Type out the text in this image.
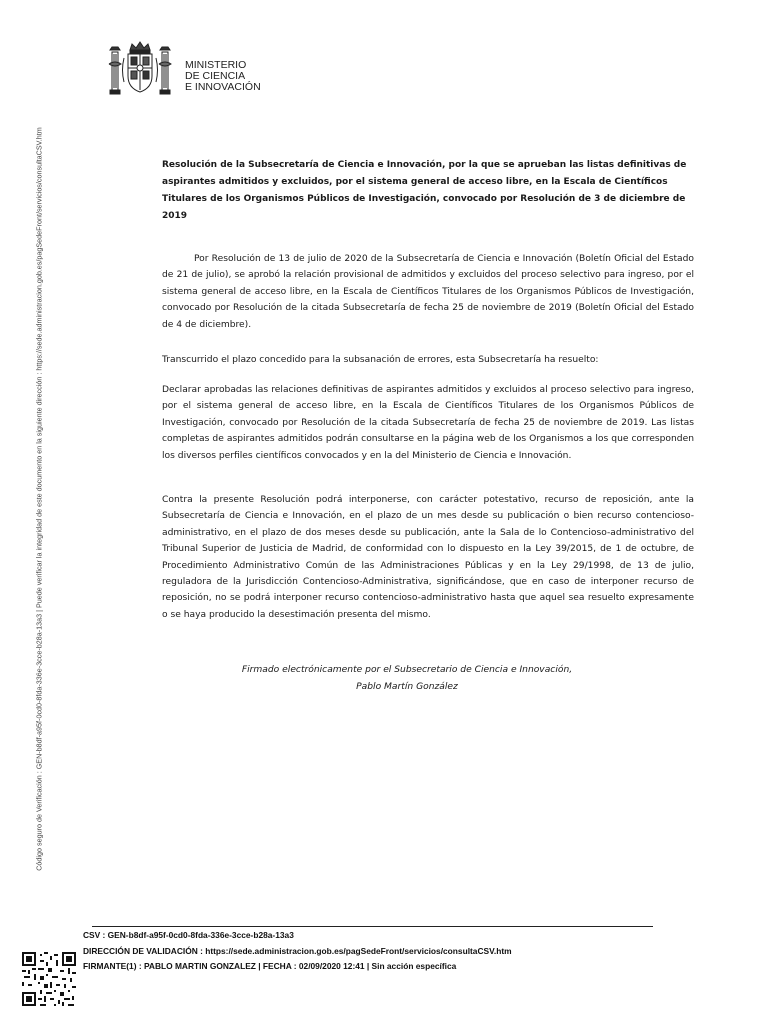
Código seguro de Verificación : GEN-b8df-a95f-0cd0-8fda-336e-3cce-b28a-13a3 | Puede verificar la integridad de este documento en la siguiente dirección : https://sede.administracion.gob.es/pagSedeFront/servicios/consultaCSV.htm
MINISTERIO
DE CIENCIA
E INNOVACIÓN

Resolución de la Subsecretaría de Ciencia e Innovación, por la que se aprueban las listas definitivas de aspirantes admitidos y excluidos, por el sistema general de acceso libre, en la Escala de Científicos Titulares de los Organismos Públicos de Investigación, convocado por Resolución de 3 de diciembre de 2019

Por Resolución de 13 de julio de 2020 de la Subsecretaría de Ciencia e Innovación (Boletín Oficial del Estado de 21 de julio), se aprobó la relación provisional de admitidos y excluidos del proceso selectivo para ingreso, por el sistema general de acceso libre, en la Escala de Científicos Titulares de los Organismos Públicos de Investigación, convocado por Resolución de la citada Subsecretaría de fecha 25 de noviembre de 2019 (Boletín Oficial del Estado de 4 de diciembre).

Transcurrido el plazo concedido para la subsanación de errores, esta Subsecretaría ha resuelto:

Declarar aprobadas las relaciones definitivas de aspirantes admitidos y excluidos al proceso selectivo para ingreso, por el sistema general de acceso libre, en la Escala de Científicos Titulares de los Organismos Públicos de Investigación, convocado por Resolución de la citada Subsecretaría de fecha 25 de noviembre de 2019. Las listas completas de aspirantes admitidos podrán consultarse en la página web de los Organismos a los que corresponden los diversos perfiles científicos convocados y en la del Ministerio de Ciencia e Innovación.

Contra la presente Resolución podrá interponerse, con carácter potestativo, recurso de reposición, ante la Subsecretaría de Ciencia e Innovación, en el plazo de un mes desde su publicación o bien recurso contencioso-administrativo, en el plazo de dos meses desde su publicación, ante la Sala de lo Contencioso-administrativo del Tribunal Superior de Justicia de Madrid, de conformidad con lo dispuesto en la Ley 39/2015, de 1 de octubre, de Procedimiento Administrativo Común de las Administraciones Públicas y en la Ley 29/1998, de 13 de julio, reguladora de la Jurisdicción Contencioso-Administrativa, significándose, que en caso de interponer recurso de reposición, no se podrá interponer recurso contencioso-administrativo hasta que aquel sea resuelto expresamente o se haya producido la desestimación presenta del mismo.

Firmado electrónicamente por el Subsecretario de Ciencia e Innovación,
Pablo Martín González
CSV : GEN-b8df-a95f-0cd0-8fda-336e-3cce-b28a-13a3
DIRECCIÓN DE VALIDACIÓN : https://sede.administracion.gob.es/pagSedeFront/servicios/consultaCSV.htm
FIRMANTE(1) : PABLO MARTIN GONZALEZ | FECHA : 02/09/2020 12:41 | Sin acción específica
